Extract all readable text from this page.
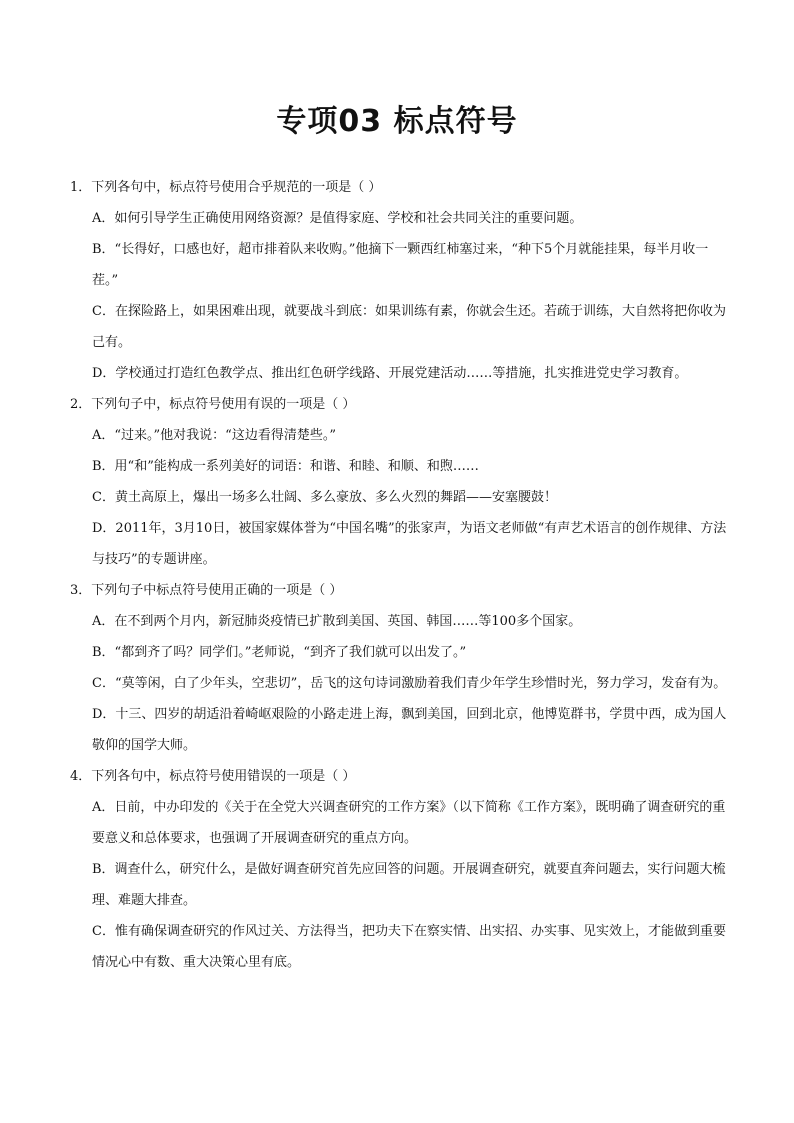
专项03 标点符号
1．下列各句中，标点符号使用合乎规范的一项是（ ）
A．如何引导学生正确使用网络资源？是值得家庭、学校和社会共同关注的重要问题。
B．“长得好，口感也好，超市排着队来收购。”他摘下一颗西红柿塞过来，“种下5个月就能挂果，每半月收一茬。”
C．在探险路上，如果困难出现，就要战斗到底：如果训练有素，你就会生还。若疏于训练，大自然将把你收为己有。
D．学校通过打造红色教学点、推出红色研学线路、开展党建活动……等措施，扎实推进党史学习教育。
2．下列句子中，标点符号使用有误的一项是（ ）
A．“过来。”他对我说：“这边看得清楚些。”
B．用“和”能构成一系列美好的词语：和谐、和睦、和顺、和煦……
C．黄土高原上，爆出一场多么壮阔、多么豪放、多么火烈的舞蹈——安塞腰鼓！
D．2011年，3月10日，被国家媒体誉为“中国名嘴”的张家声，为语文老师做“有声艺术语言的创作规律、方法与技巧”的专题讲座。
3．下列句子中标点符号使用正确的一项是（ ）
A．在不到两个月内，新冠肺炎疫情已扩散到美国、英国、韩国……等100多个国家。
B．“都到齐了吗？同学们。”老师说，“到齐了我们就可以出发了。”
C．“莫等闲，白了少年头，空悲切”，岳飞的这句诗词激励着我们青少年学生珍惜时光，努力学习，发奋有为。
D．十三、四岁的胡适沿着崎岖艰险的小路走进上海，飘到美国，回到北京，他博览群书，学贯中西，成为国人敬仰的国学大师。
4．下列各句中，标点符号使用错误的一项是（ ）
A．日前，中办印发的《关于在全党大兴调查研究的工作方案》（以下简称《工作方案》，既明确了调查研究的重要意义和总体要求，也强调了开展调查研究的重点方向。
B．调查什么，研究什么，是做好调查研究首先应回答的问题。开展调查研究，就要直奔问题去，实行问题大梳理、难题大排查。
C．惟有确保调查研究的作风过关、方法得当，把功夫下在察实情、出实招、办实事、见实效上，才能做到重要情况心中有数、重大决策心里有底。
